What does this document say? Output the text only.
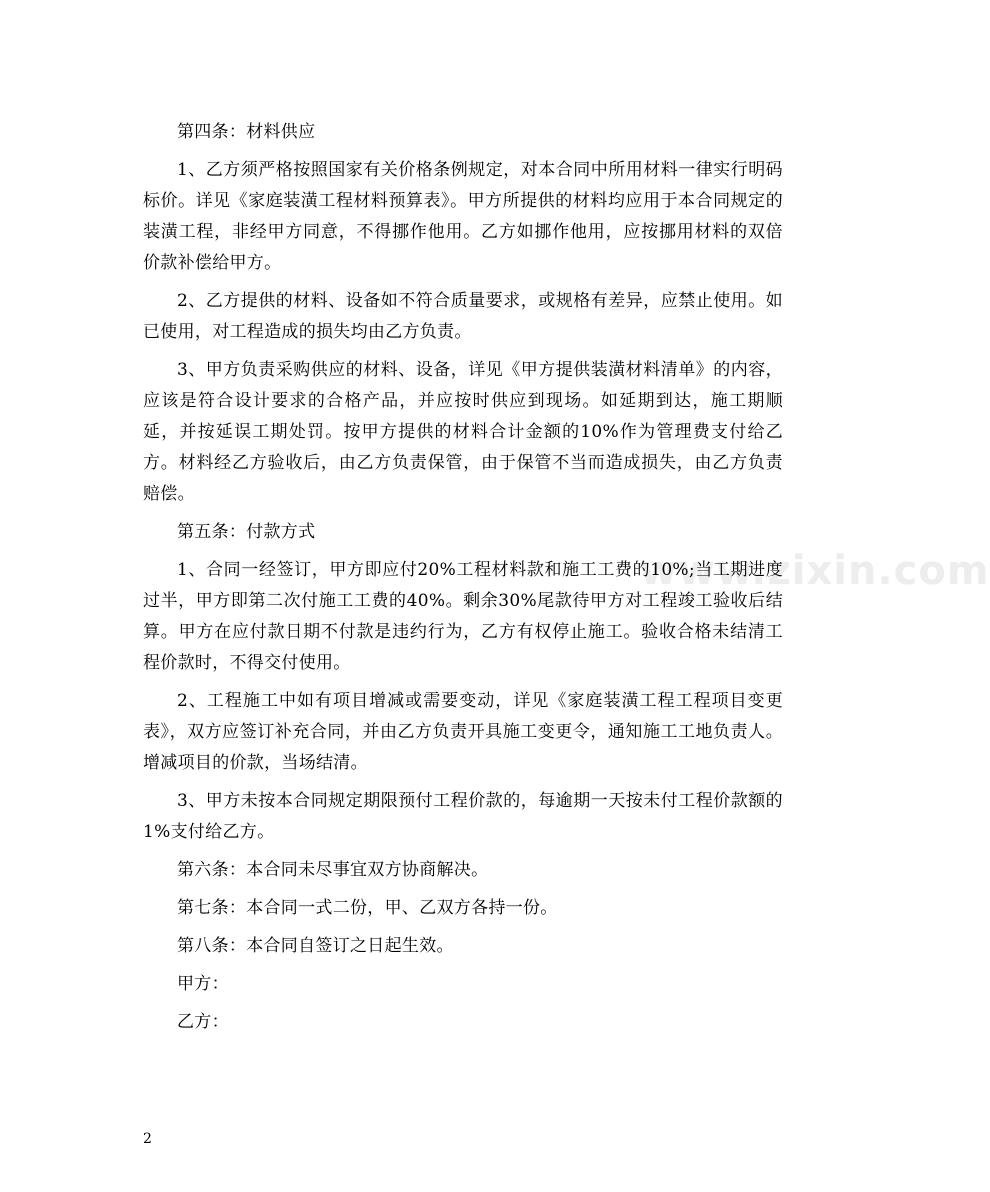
www.zixin.com

第四条：材料供应

1、乙方须严格按照国家有关价格条例规定，对本合同中所用材料一律实行明码标价。详见《家庭装潢工程材料预算表》。甲方所提供的材料均应用于本合同规定的装潢工程，非经甲方同意，不得挪作他用。乙方如挪作他用，应按挪用材料的双倍价款补偿给甲方。

2、乙方提供的材料、设备如不符合质量要求，或规格有差异，应禁止使用。如已使用，对工程造成的损失均由乙方负责。

3、甲方负责采购供应的材料、设备，详见《甲方提供装潢材料清单》的内容，应该是符合设计要求的合格产品，并应按时供应到现场。如延期到达，施工期顺延，并按延误工期处罚。按甲方提供的材料合计金额的10%作为管理费支付给乙方。材料经乙方验收后，由乙方负责保管，由于保管不当而造成损失，由乙方负责赔偿。

第五条：付款方式

1、合同一经签订，甲方即应付20%工程材料款和施工工费的10%;当工期进度过半，甲方即第二次付施工工费的40%。剩余30%尾款待甲方对工程竣工验收后结算。甲方在应付款日期不付款是违约行为，乙方有权停止施工。验收合格未结清工程价款时，不得交付使用。

2、工程施工中如有项目增减或需要变动，详见《家庭装潢工程工程项目变更表》，双方应签订补充合同，并由乙方负责开具施工变更令，通知施工工地负责人。增减项目的价款，当场结清。

3、甲方未按本合同规定期限预付工程价款的，每逾期一天按未付工程价款额的1%支付给乙方。

第六条：本合同未尽事宜双方协商解决。

第七条：本合同一式二份，甲、乙双方各持一份。

第八条：本合同自签订之日起生效。

甲方：

乙方：

2
